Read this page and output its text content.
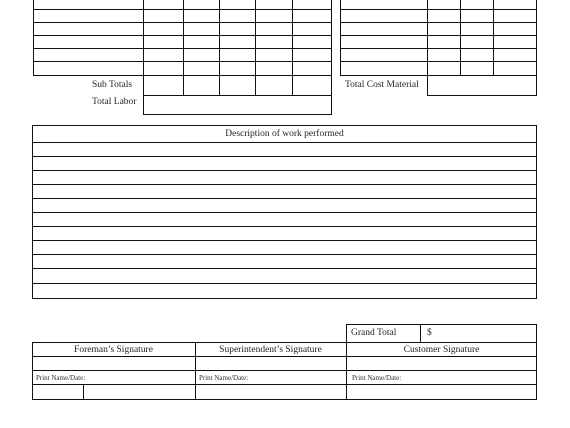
Sub Totals
Total Labor
Total Cost Material
Description of work performed
Grand Total	$
Foreman’s Signature	Superintendent’s Signature	Customer Signature
Print Name/Date:	Print Name/Date:	Print Name/Date:
